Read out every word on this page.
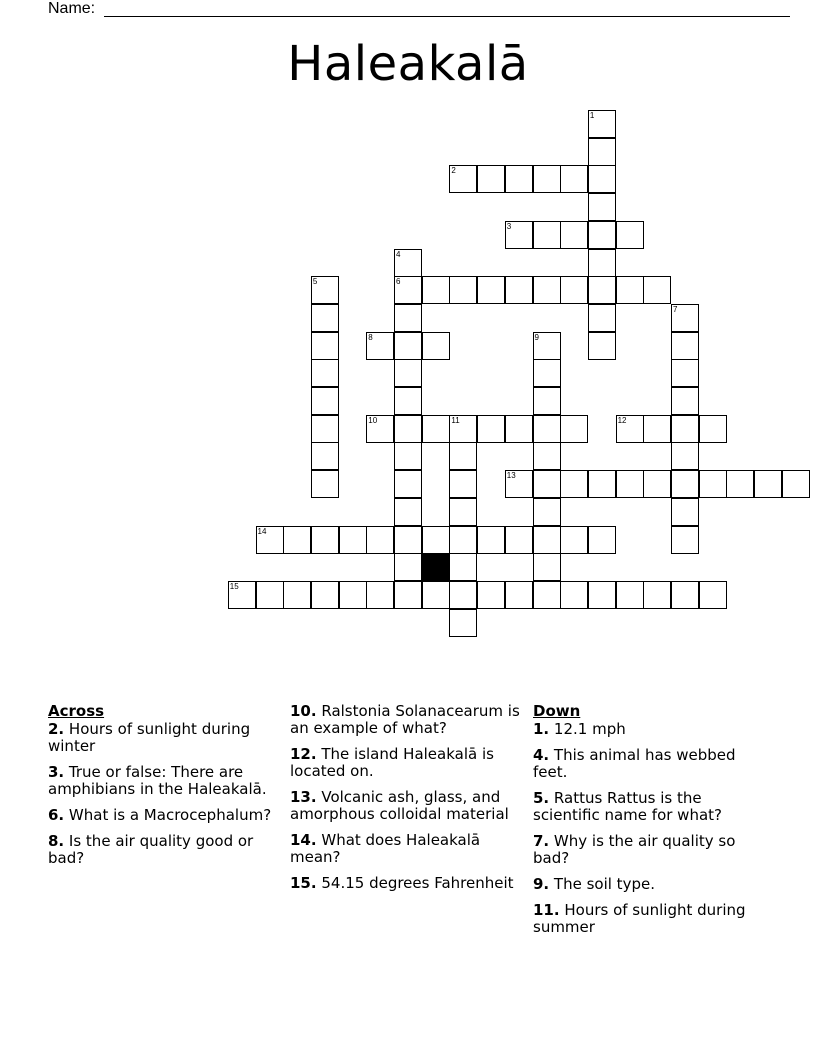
Name:
Haleakalā
1
2
3
4
6
5
7
8	9
10	11	12
13
14
15
Across
2. Hours of sunlight during winter
3. True or false: There are amphibians in the Haleakalā.
6. What is a Macrocephalum?
8. Is the air quality good or bad?
10. Ralstonia Solanacearum is an example of what?
12. The island Haleakalā is located on.
13. Volcanic ash, glass, and amorphous colloidal material
14. What does Haleakalā mean?
15. 54.15 degrees Fahrenheit
Down
1. 12.1 mph
4. This animal has webbed feet.
5. Rattus Rattus is the scientific name for what?
7. Why is the air quality so bad?
9. The soil type.
11. Hours of sunlight during summer
